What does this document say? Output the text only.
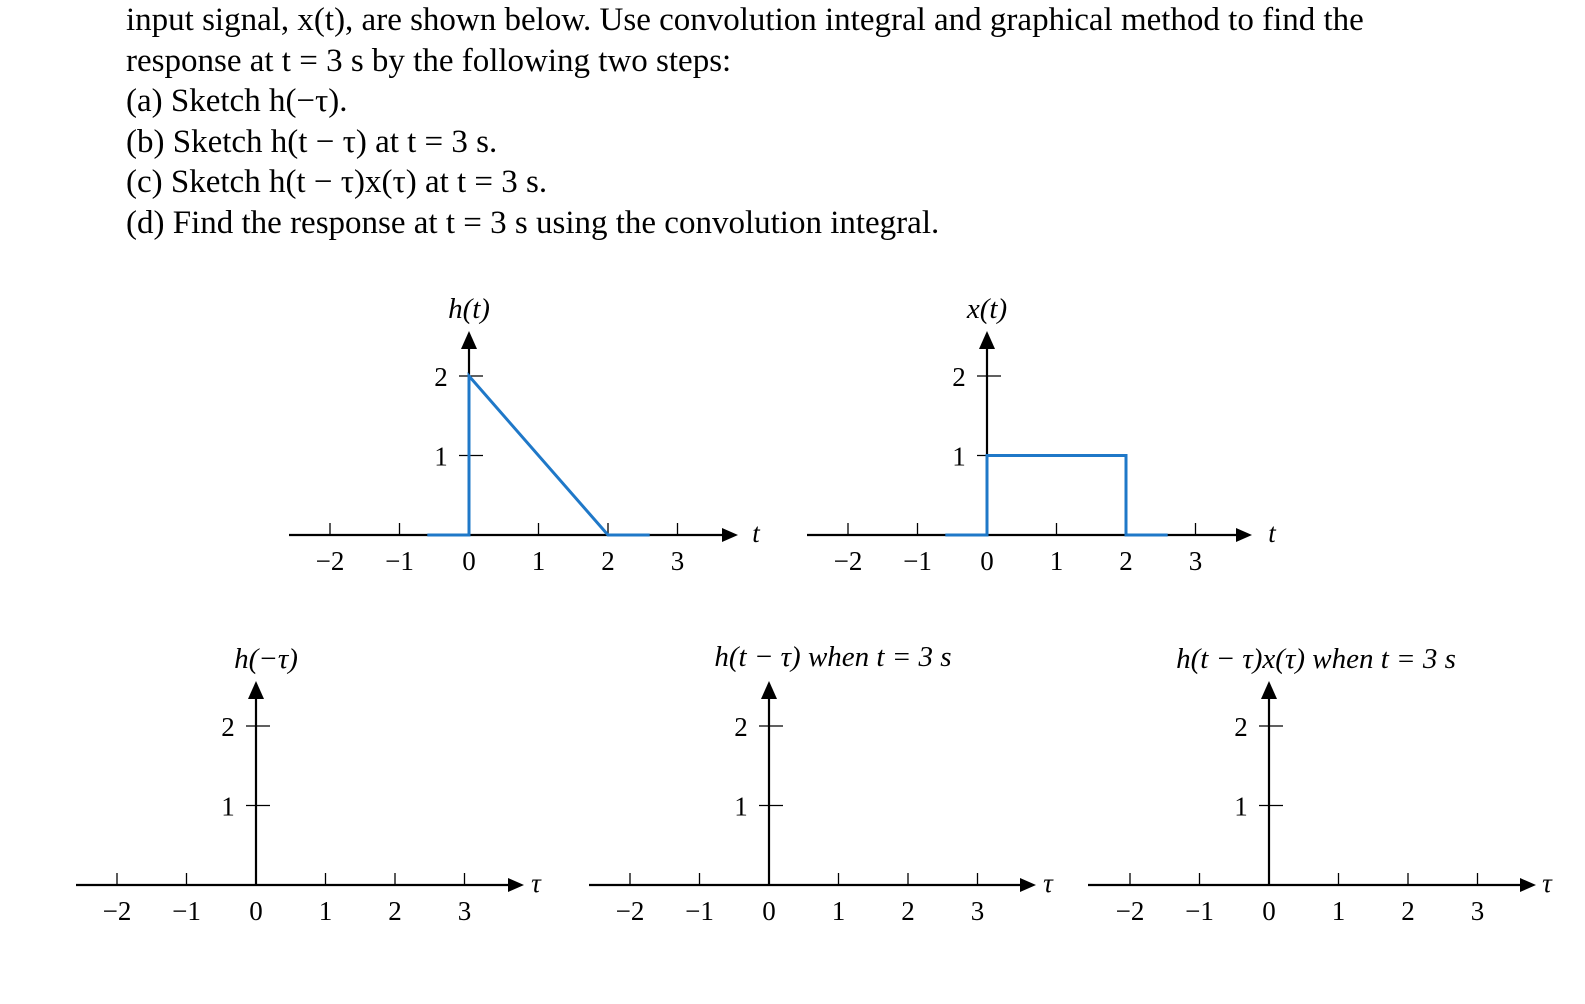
input signal, x(t), are shown below. Use convolution integral and graphical method to find the
response at t = 3 s by the following two steps:
(a) Sketch h(−τ).
(b) Sketch h(t − τ) at t = 3 s.
(c) Sketch h(t − τ)x(τ) at t = 3 s.
(d) Find the response at t = 3 s using the convolution integral.
h(t)
t
−2 −1 0 1 2 3
1
2
x(t)
t
−2 −1 0 1 2 3
1
2
h(−τ)
τ
−2 −1 0 1 2 3
1
2
h(t − τ) when t = 3 s
τ
−2 −1 0 1 2 3
1
2
h(t − τ)x(τ) when t = 3 s
τ
−2 −1 0 1 2 3
1
2
